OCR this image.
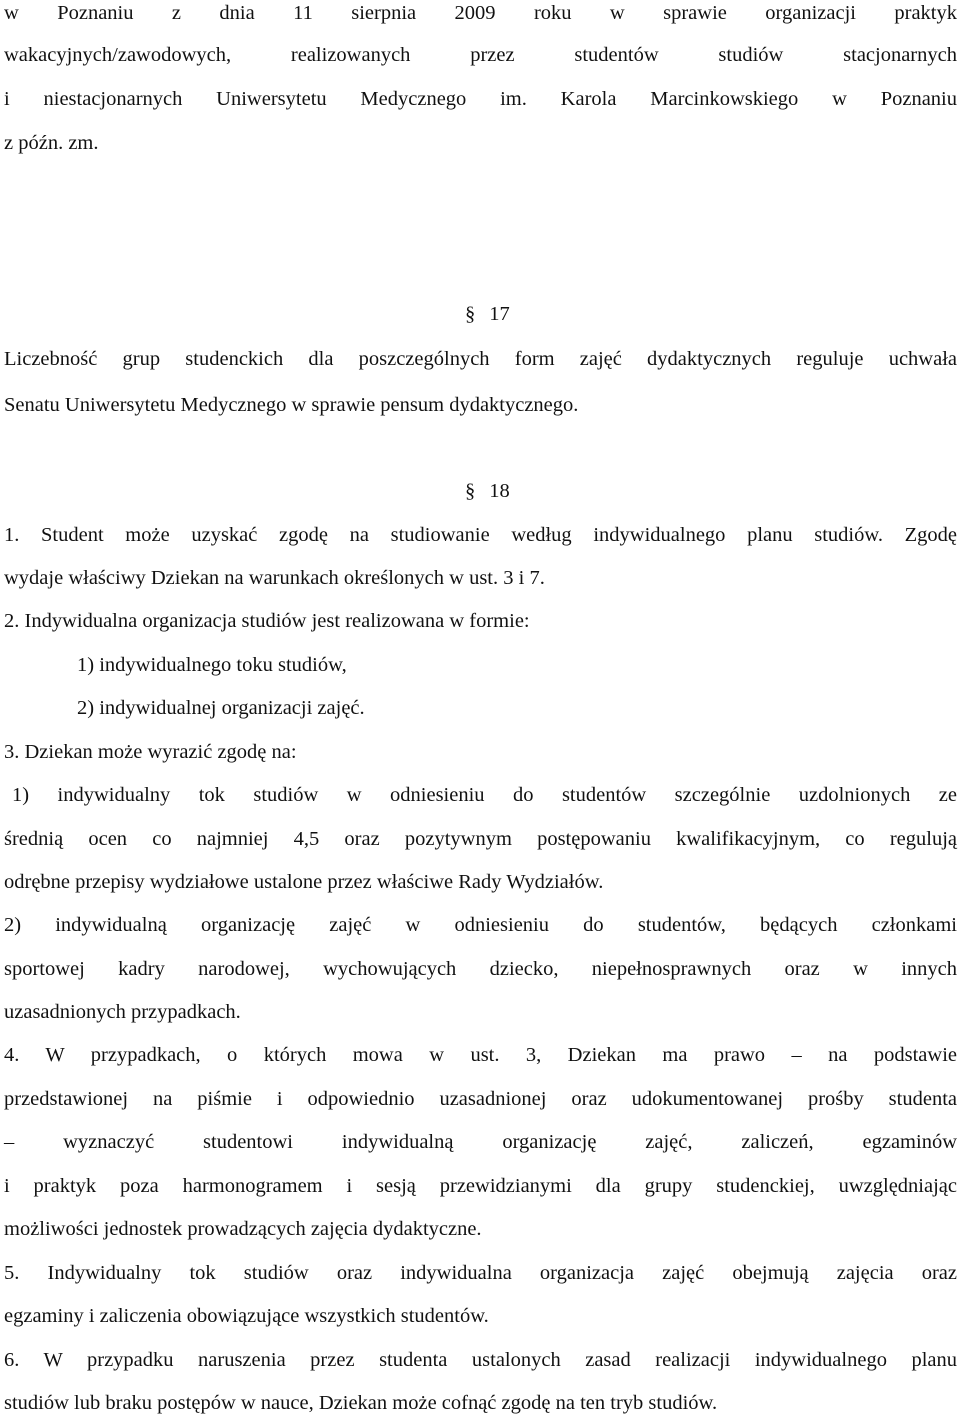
w Poznaniu z dnia 11 sierpnia 2009 roku w sprawie organizacji praktyk
wakacyjnych/zawodowych, realizowanych przez studentów studiów stacjonarnych
i niestacjonarnych Uniwersytetu Medycznego im. Karola Marcinkowskiego w Poznaniu
z późn. zm.
§ 17
Liczebność grup studenckich dla poszczególnych form zajęć dydaktycznych reguluje uchwała
Senatu Uniwersytetu Medycznego w sprawie pensum dydaktycznego.
§ 18
1. Student może uzyskać zgodę na studiowanie według indywidualnego planu studiów. Zgodę
wydaje właściwy Dziekan na warunkach określonych w ust. 3 i 7.
2. Indywidualna organizacja studiów jest realizowana w formie:
1) indywidualnego toku studiów,
2) indywidualnej organizacji zajęć.
3. Dziekan może wyrazić zgodę na:
1) indywidualny tok studiów w odniesieniu do studentów szczególnie uzdolnionych ze
średnią ocen co najmniej 4,5 oraz pozytywnym postępowaniu kwalifikacyjnym, co regulują
odrębne przepisy wydziałowe ustalone przez właściwe Rady Wydziałów.
2) indywidualną organizację zajęć w odniesieniu do studentów, będących członkami
sportowej kadry narodowej, wychowujących dziecko, niepełnosprawnych oraz w innych
uzasadnionych przypadkach.
4. W przypadkach, o których mowa w ust. 3, Dziekan ma prawo – na podstawie
przedstawionej na piśmie i odpowiednio uzasadnionej oraz udokumentowanej prośby studenta
– wyznaczyć studentowi indywidualną organizację zajęć, zaliczeń, egzaminów
i praktyk poza harmonogramem i sesją przewidzianymi dla grupy studenckiej, uwzględniając
możliwości jednostek prowadzących zajęcia dydaktyczne.
5. Indywidualny tok studiów oraz indywidualna organizacja zajęć obejmują zajęcia oraz
egzaminy i zaliczenia obowiązujące wszystkich studentów.
6. W przypadku naruszenia przez studenta ustalonych zasad realizacji indywidualnego planu
studiów lub braku postępów w nauce, Dziekan może cofnąć zgodę na ten tryb studiów.
